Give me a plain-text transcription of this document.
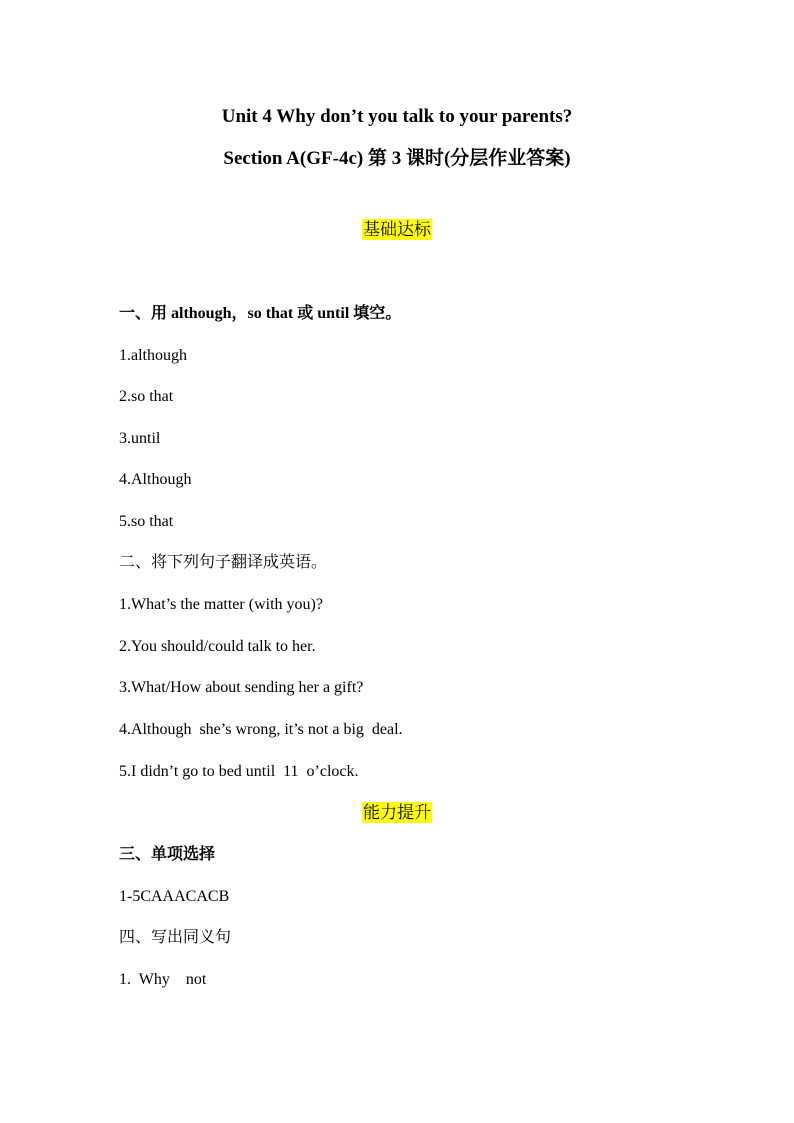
Unit 4 Why don’t you talk to your parents?
Section A(GF-4c) 第 3 课时(分层作业答案)
基础达标
一、用 although，so that 或 until 填空。
1.although
2.so that
3.until
4.Although
5.so that
二、将下列句子翻译成英语。
1.What’s the matter (with you)?
2.You should/could talk to her.
3.What/How about sending her a gift?
4.Although  she’s wrong, it’s not a big  deal.
5.I didn’t go to bed until  11  o’clock.
能力提升
三、单项选择
1-5CAAACACB
四、写出同义句
1.  Why    not
